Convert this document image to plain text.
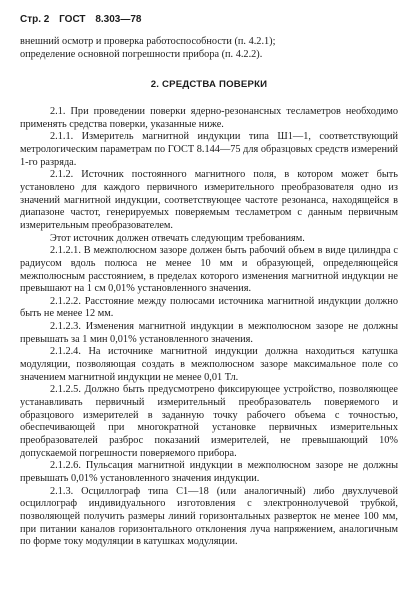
Стр. 2 ГОСТ 8.303—78

внешний осмотр и проверка работоспособности (п. 4.2.1);

определение основной погрешности прибора (п. 4.2.2).

2. СРЕДСТВА ПОВЕРКИ

2.1. При проведении поверки ядерно-резонансных тесламетров необходимо применять средства поверки, указанные ниже.

2.1.1. Измеритель магнитной индукции типа Ш1—1, соответствующий метрологическим параметрам по ГОСТ 8.144—75 для образцовых средств измерений 1-го разряда.

2.1.2. Источник постоянного магнитного поля, в котором может быть установлено для каждого первичного измерительного преобразователя одно из значений магнитной индукции, соответствующее частоте резонанса, находящейся в диапазоне частот, генерируемых поверяемым тесламетром с данным первичным измерительным преобразователем.

Этот источник должен отвечать следующим требованиям.

2.1.2.1. В межполюсном зазоре должен быть рабочий объем в виде цилиндра с радиусом вдоль полюса не менее 10 мм и образующей, определяющейся межполюсным расстоянием, в пределах которого изменения магнитной индукции не превышают на 1 см 0,01% установленного значения.

2.1.2.2. Расстояние между полюсами источника магнитной индукции должно быть не менее 12 мм.

2.1.2.3. Изменения магнитной индукции в межполюсном зазоре не должны превышать за 1 мин 0,01% установленного значения.

2.1.2.4. На источнике магнитной индукции должна находиться катушка модуляции, позволяющая создать в межполюсном зазоре максимальное поле со значением магнитной индукции не менее 0,01 Тл.

2.1.2.5. Должно быть предусмотрено фиксирующее устройство, позволяющее устанавливать первичный измерительный преобразователь поверяемого и образцового измерителей в заданную точку рабочего объема с точностью, обеспечивающей при многократной установке первичных измерительных преобразователей разброс показаний измерителей, не превышающий 10% допускаемой погрешности поверяемого прибора.

2.1.2.6. Пульсация магнитной индукции в межполюсном зазоре не должны превышать 0,01% установленного значения индукции.

2.1.3. Осциллограф типа С1—18 (или аналогичный) либо двухлучевой осциллограф индивидуального изготовления с электроннолучевой трубкой, позволяющей получить размеры линий горизонтальных разверток не менее 100 мм, при питании каналов горизонтального отклонения луча напряжением, аналогичным по форме току модуляции в катушках модуляции.
